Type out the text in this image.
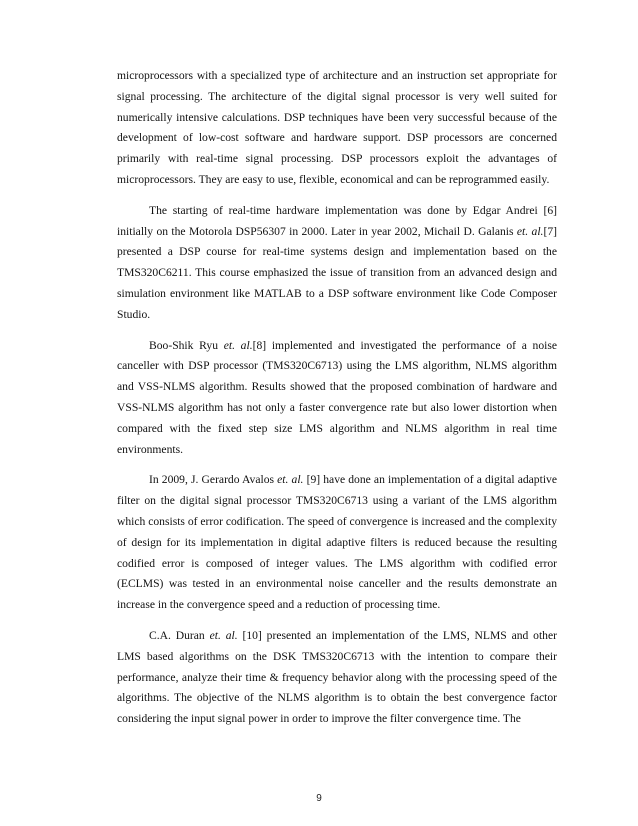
microprocessors with a specialized type of architecture and an instruction set appropriate for signal processing. The architecture of the digital signal processor is very well suited for numerically intensive calculations. DSP techniques have been very successful because of the development of low-cost software and hardware support. DSP processors are concerned primarily with real-time signal processing. DSP processors exploit the advantages of microprocessors. They are easy to use, flexible, economical and can be reprogrammed easily.

The starting of real-time hardware implementation was done by Edgar Andrei [6] initially on the Motorola DSP56307 in 2000. Later in year 2002, Michail D. Galanis et. al.[7] presented a DSP course for real-time systems design and implementation based on the TMS320C6211. This course emphasized the issue of transition from an advanced design and simulation environment like MATLAB to a DSP software environment like Code Composer Studio.

Boo-Shik Ryu et. al.[8] implemented and investigated the performance of a noise canceller with DSP processor (TMS320C6713) using the LMS algorithm, NLMS algorithm and VSS-NLMS algorithm. Results showed that the proposed combination of hardware and VSS-NLMS algorithm has not only a faster convergence rate but also lower distortion when compared with the fixed step size LMS algorithm and NLMS algorithm in real time environments.

In 2009, J. Gerardo Avalos et. al. [9] have done an implementation of a digital adaptive filter on the digital signal processor TMS320C6713 using a variant of the LMS algorithm which consists of error codification. The speed of convergence is increased and the complexity of design for its implementation in digital adaptive filters is reduced because the resulting codified error is composed of integer values. The LMS algorithm with codified error (ECLMS) was tested in an environmental noise canceller and the results demonstrate an increase in the convergence speed and a reduction of processing time.

C.A. Duran et. al. [10] presented an implementation of the LMS, NLMS and other LMS based algorithms on the DSK TMS320C6713 with the intention to compare their performance, analyze their time & frequency behavior along with the processing speed of the algorithms. The objective of the NLMS algorithm is to obtain the best convergence factor considering the input signal power in order to improve the filter convergence time. The

9
